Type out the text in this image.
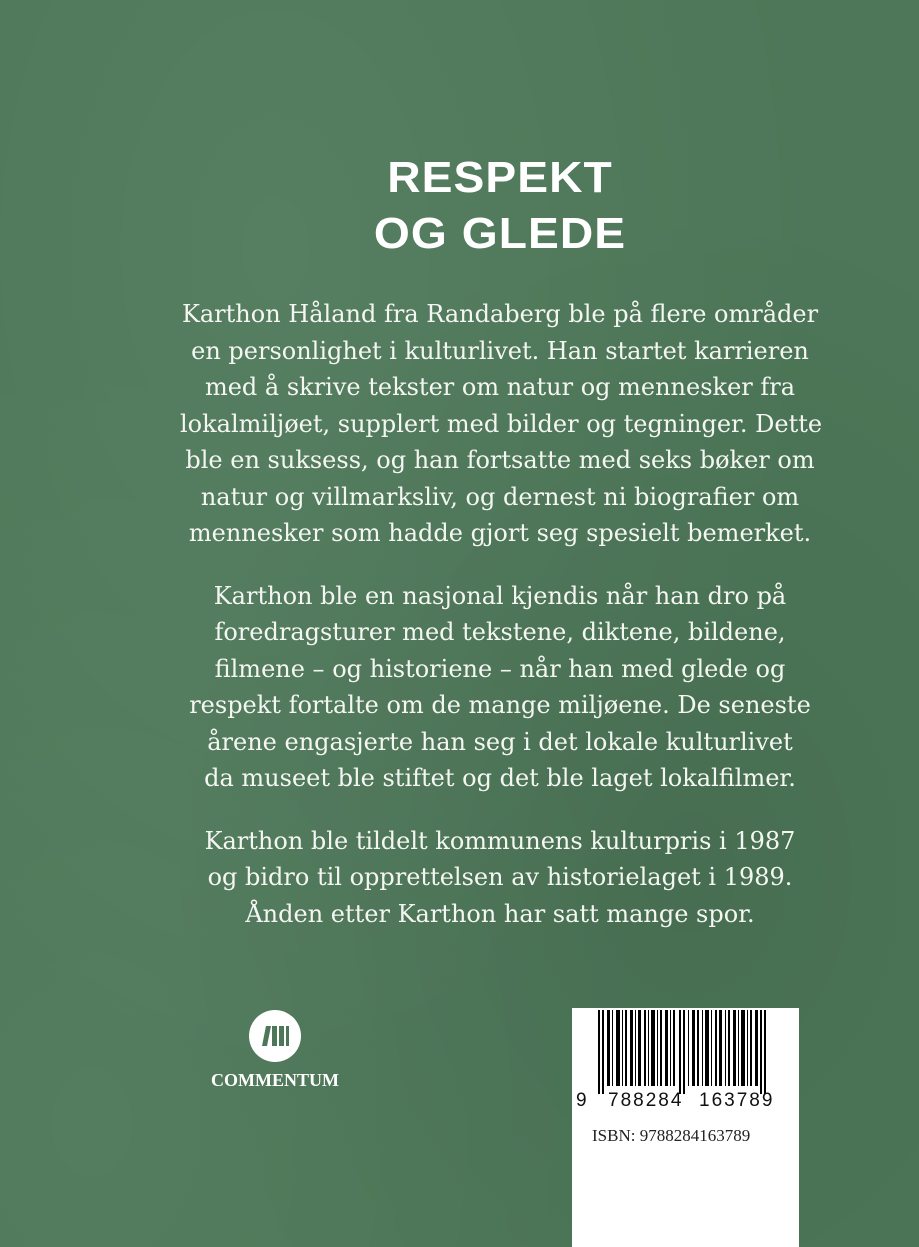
RESPEKT
OG GLEDE

Karthon Håland fra Randaberg ble på flere områder
en personlighet i kulturlivet. Han startet karrieren
med å skrive tekster om natur og mennesker fra
lokalmiljøet, supplert med bilder og tegninger. Dette
ble en suksess, og han fortsatte med seks bøker om
natur og villmarksliv, og dernest ni biografier om
mennesker som hadde gjort seg spesielt bemerket.

Karthon ble en nasjonal kjendis når han dro på
foredragsturer med tekstene, diktene, bildene,
filmene – og historiene – når han med glede og
respekt fortalte om de mange miljøene. De seneste
årene engasjerte han seg i det lokale kulturlivet
da museet ble stiftet og det ble laget lokalfilmer.

Karthon ble tildelt kommunens kulturpris i 1987
og bidro til opprettelsen av historielaget i 1989.
Ånden etter Karthon har satt mange spor.

COMMENTUM
9 788284 163789
ISBN: 9788284163789
